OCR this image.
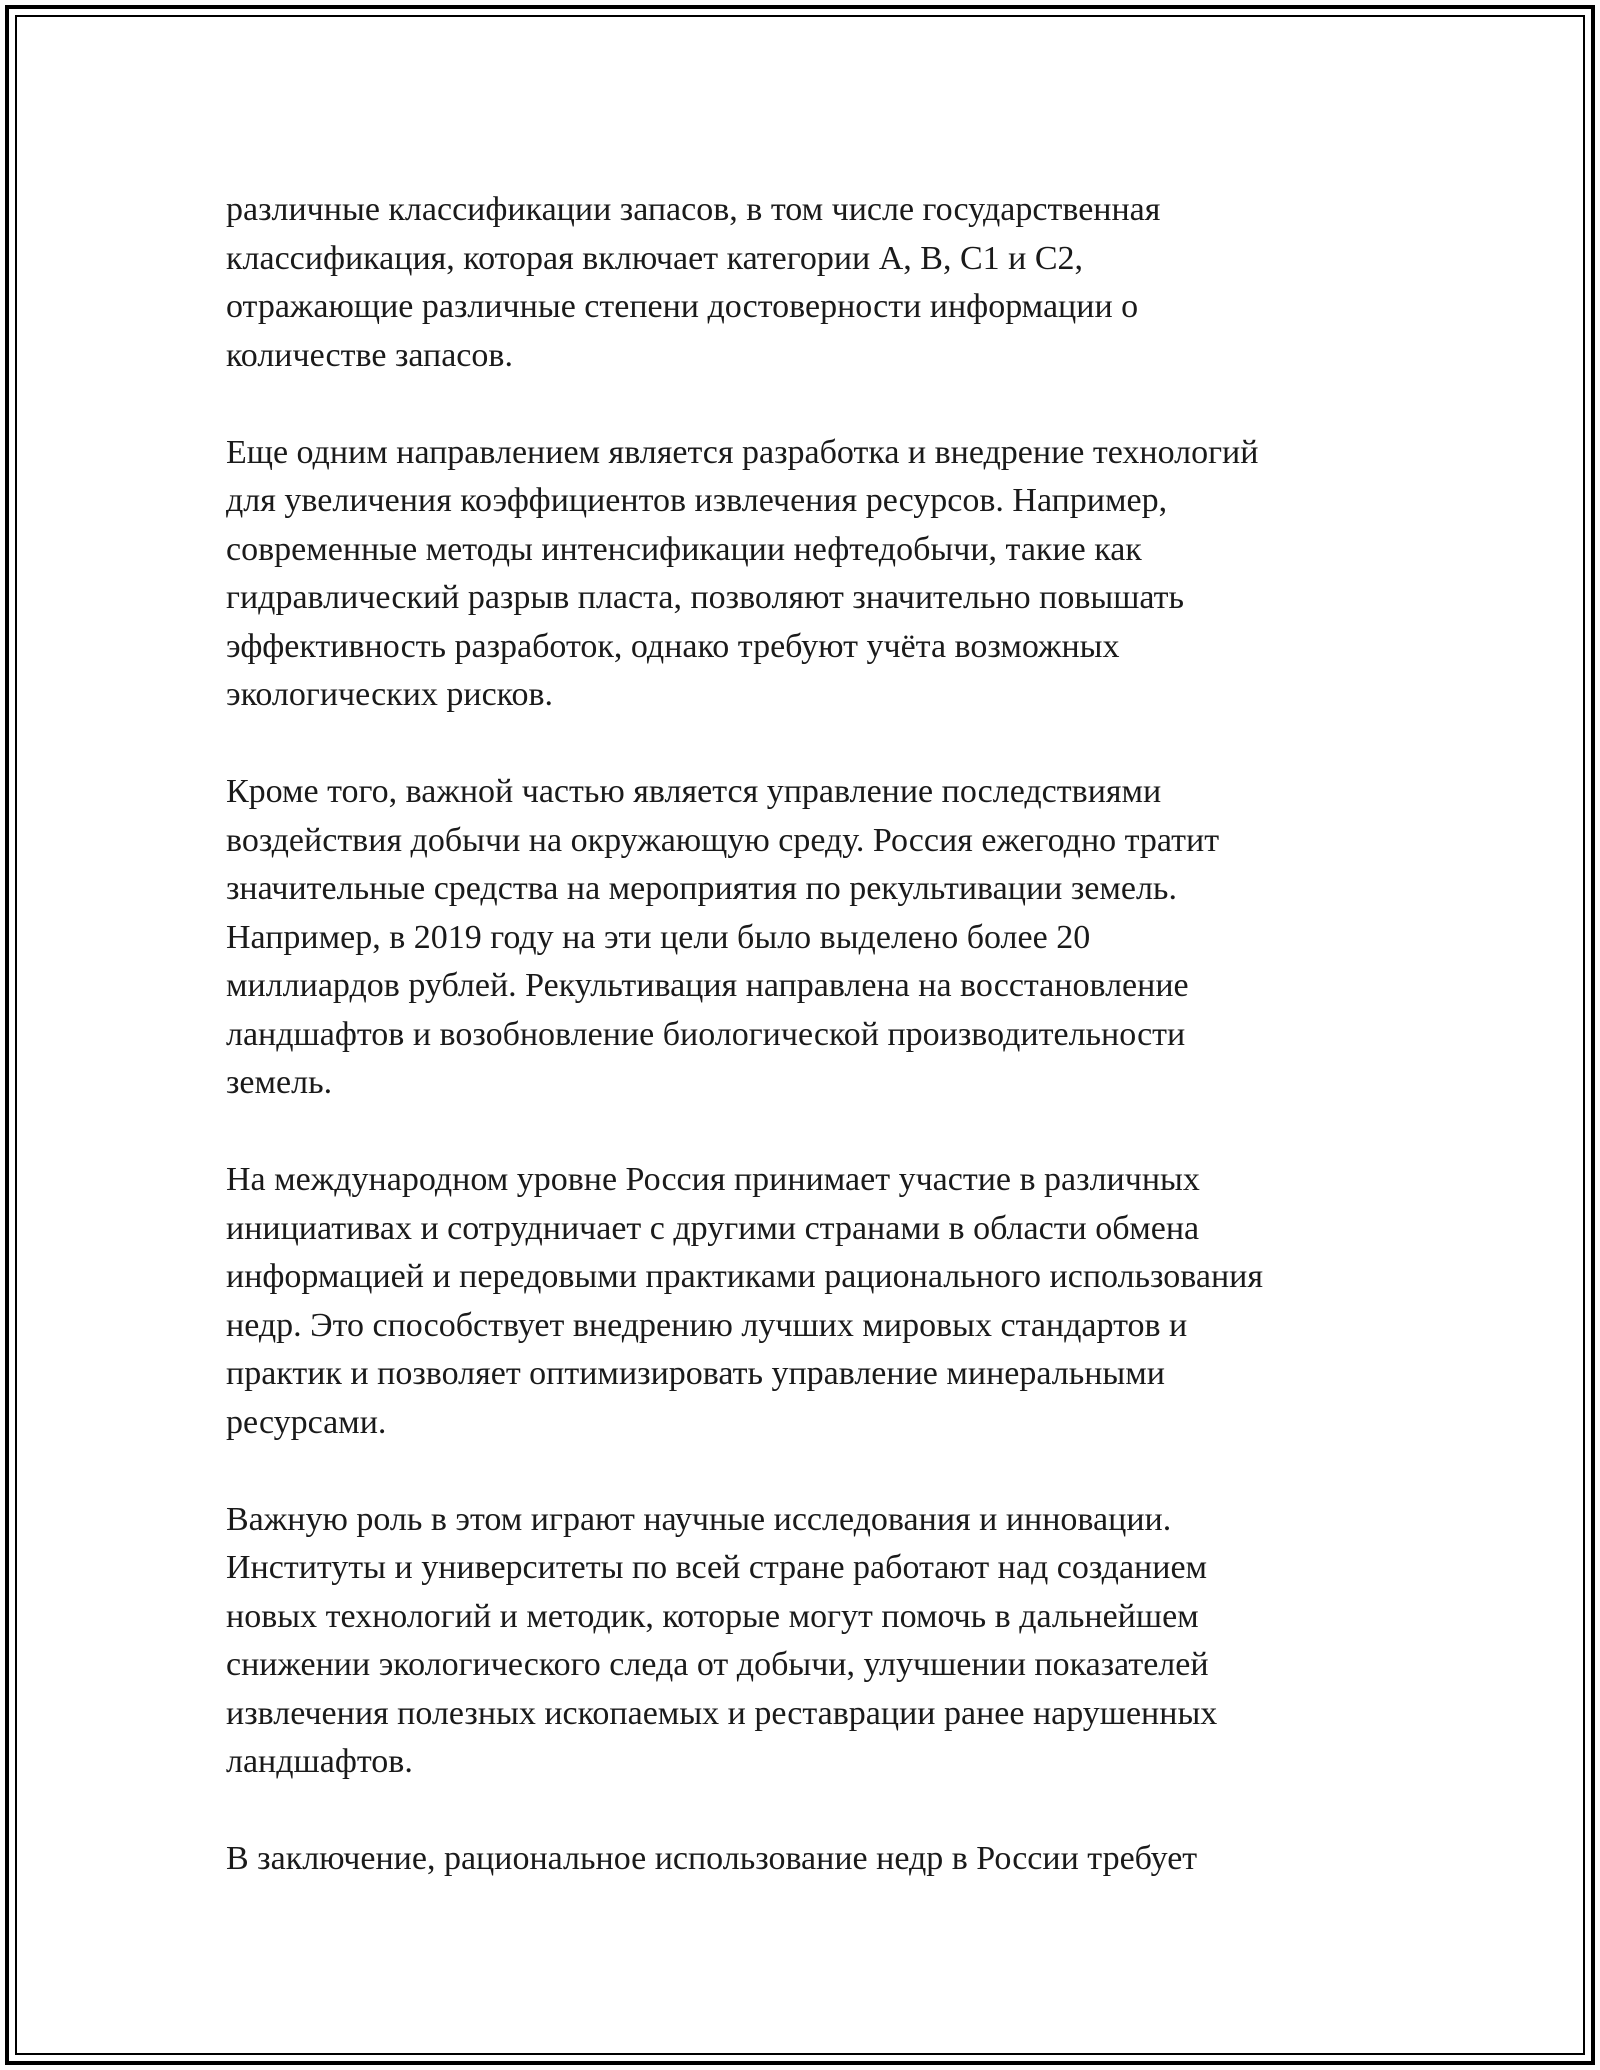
различные классификации запасов, в том числе государственная
классификация, которая включает категории A, B, C1 и C2,
отражающие различные степени достоверности информации о
количестве запасов.
Еще одним направлением является разработка и внедрение технологий
для увеличения коэффициентов извлечения ресурсов. Например,
современные методы интенсификации нефтедобычи, такие как
гидравлический разрыв пласта, позволяют значительно повышать
эффективность разработок, однако требуют учёта возможных
экологических рисков.
Кроме того, важной частью является управление последствиями
воздействия добычи на окружающую среду. Россия ежегодно тратит
значительные средства на мероприятия по рекультивации земель.
Например, в 2019 году на эти цели было выделено более 20
миллиардов рублей. Рекультивация направлена на восстановление
ландшафтов и возобновление биологической производительности
земель.
На международном уровне Россия принимает участие в различных
инициативах и сотрудничает с другими странами в области обмена
информацией и передовыми практиками рационального использования
недр. Это способствует внедрению лучших мировых стандартов и
практик и позволяет оптимизировать управление минеральными
ресурсами.
Важную роль в этом играют научные исследования и инновации.
Институты и университеты по всей стране работают над созданием
новых технологий и методик, которые могут помочь в дальнейшем
снижении экологического следа от добычи, улучшении показателей
извлечения полезных ископаемых и реставрации ранее нарушенных
ландшафтов.
В заключение, рациональное использование недр в России требует
